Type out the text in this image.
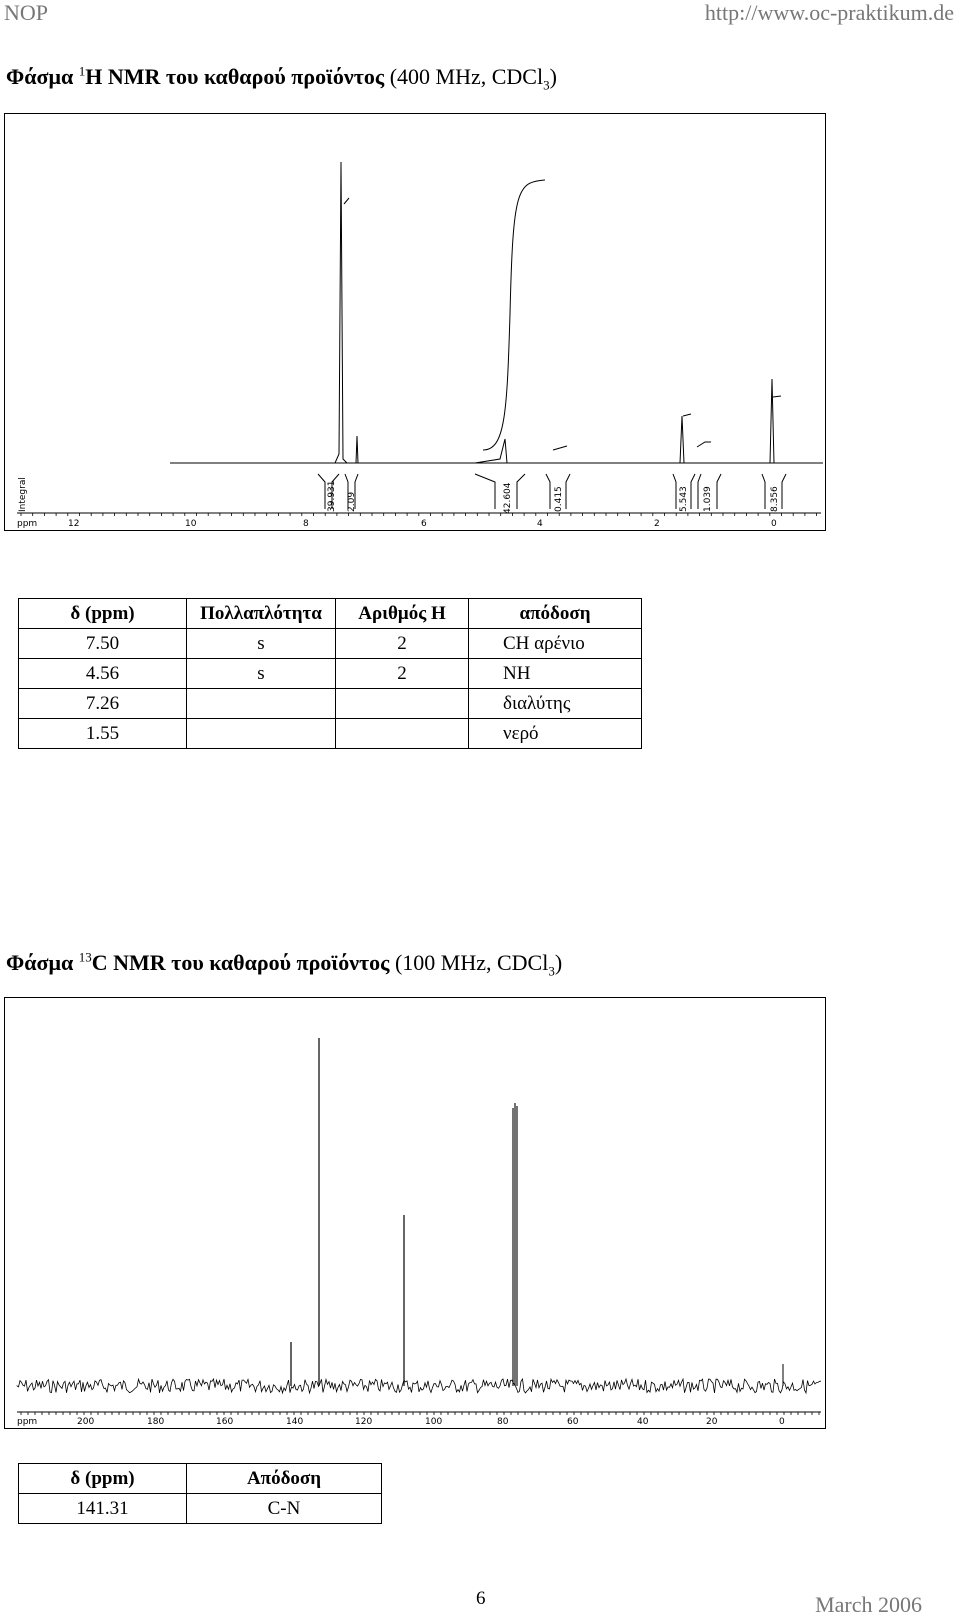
NOP	http://www.oc-praktikum.de
Φάσμα $^1$H NMR του καθαρού προϊόντος (400 MHz, CDCl$_3$)
39.931 2.09	42.604	0.415	5.543 1.039	8.356
Integral
ppm	12	10	8	6	4	2	0
δ (ppm)	Πολλαπλότητα	Αριθμός H	απόδοση
7.50	s	2	CH αρένιο
4.56	s	2	NH
7.26			διαλύτης
1.55			νερό
Φάσμα $^{13}$C NMR του καθαρού προϊόντος (100 MHz, CDCl$_3$)
ppm	200	180	160	140	120	100	80	60	40	20	0
δ (ppm)	Απόδοση
141.31	C-N
6	March 2006
